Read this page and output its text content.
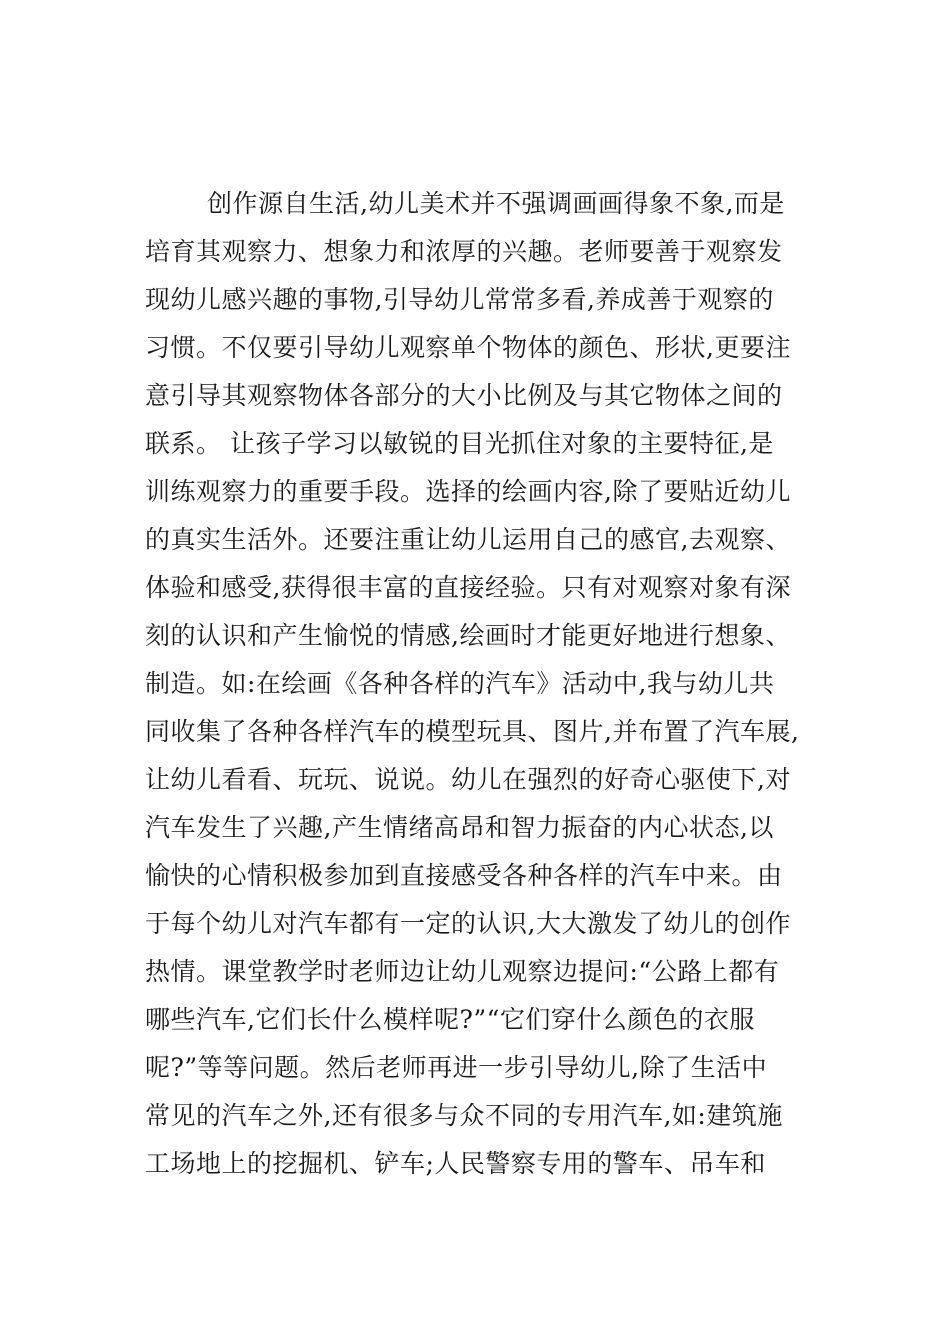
创作源自生活,幼儿美术并不强调画画得象不象,而是
培育其观察力、想象力和浓厚的兴趣。老师要善于观察发
现幼儿感兴趣的事物,引导幼儿常常多看,养成善于观察的
习惯。不仅要引导幼儿观察单个物体的颜色、形状,更要注
意引导其观察物体各部分的大小比例及与其它物体之间的
联系。 让孩子学习以敏锐的目光抓住对象的主要特征,是
训练观察力的重要手段。选择的绘画内容,除了要贴近幼儿
的真实生活外。还要注重让幼儿运用自己的感官,去观察、
体验和感受,获得很丰富的直接经验。只有对观察对象有深
刻的认识和产生愉悦的情感,绘画时才能更好地进行想象、
制造。如:在绘画《各种各样的汽车》活动中,我与幼儿共
同收集了各种各样汽车的模型玩具、图片,并布置了汽车展,
让幼儿看看、玩玩、说说。幼儿在强烈的好奇心驱使下,对
汽车发生了兴趣,产生情绪高昂和智力振奋的内心状态,以
愉快的心情积极参加到直接感受各种各样的汽车中来。由
于每个幼儿对汽车都有一定的认识,大大激发了幼儿的创作
热情。课堂教学时老师边让幼儿观察边提问:“公路上都有
哪些汽车,它们长什么模样呢?”“它们穿什么颜色的衣服
呢?”等等问题。然后老师再进一步引导幼儿,除了生活中
常见的汽车之外,还有很多与众不同的专用汽车,如:建筑施
工场地上的挖掘机、铲车;人民警察专用的警车、吊车和
